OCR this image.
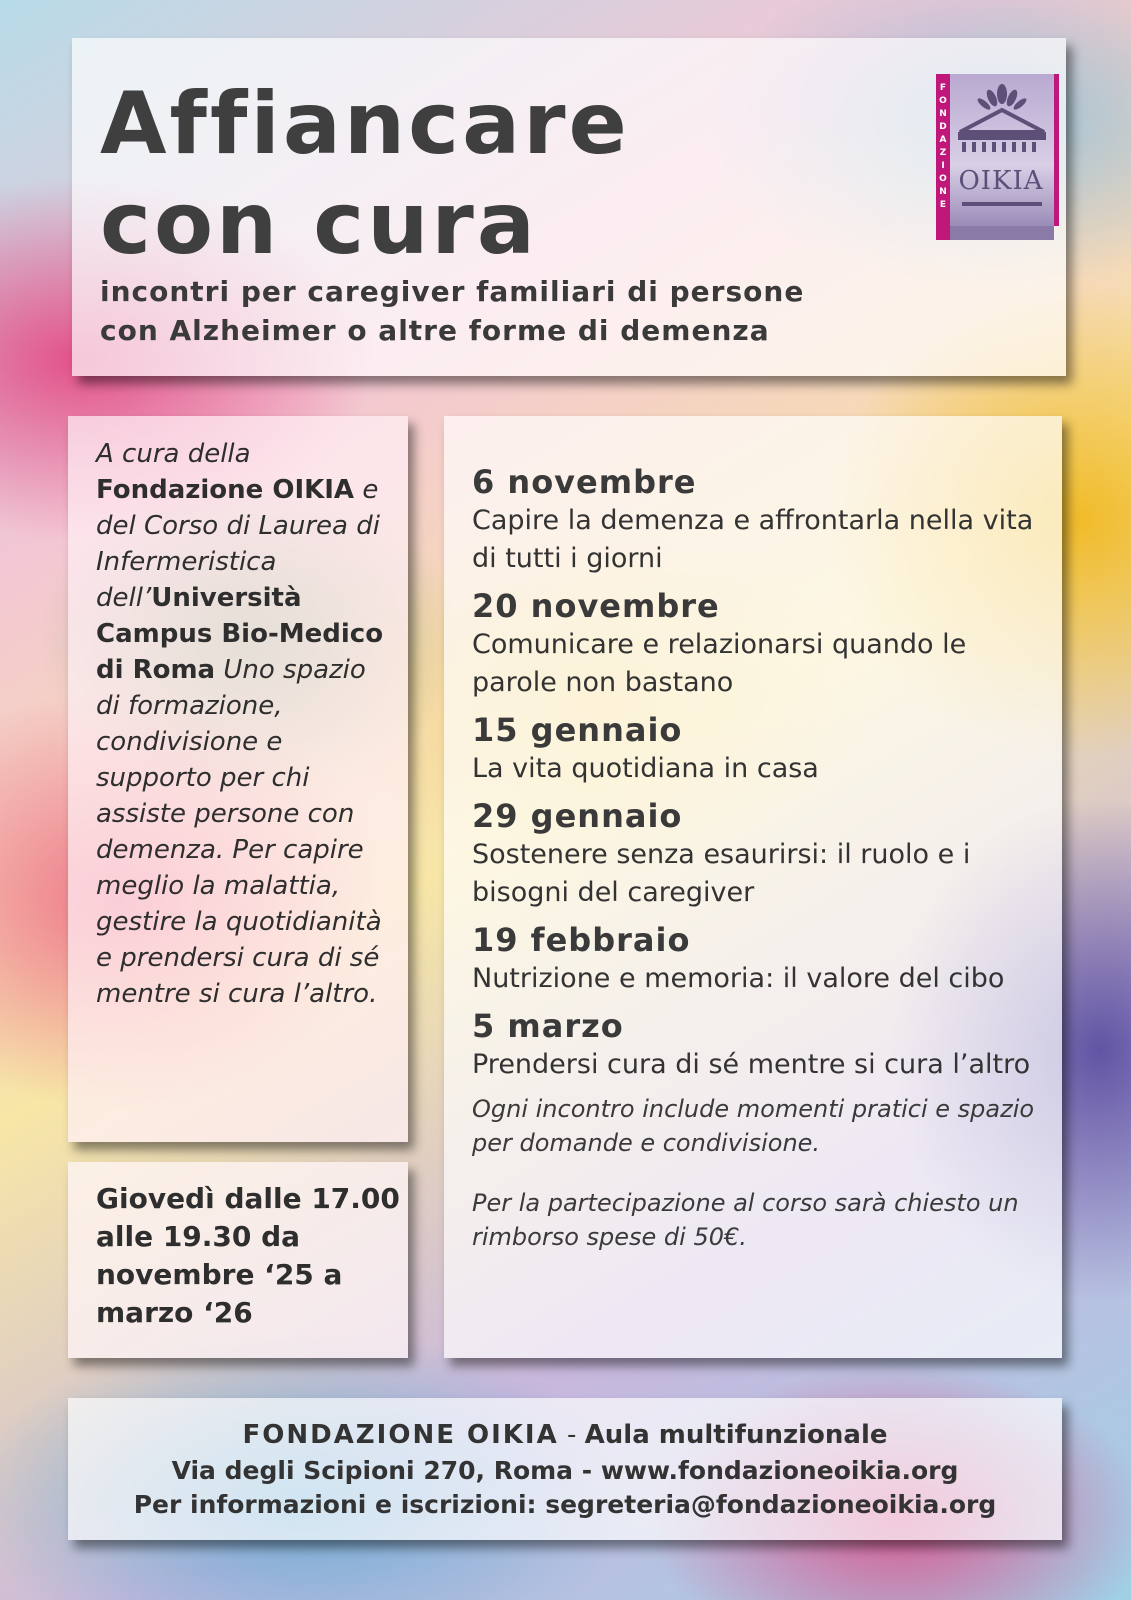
Affiancare
con cura
incontri per caregiver familiari di persone
con Alzheimer o altre forme di demenza
F
O
N
D
A
Z
I
O
N
E
OIKIA
A cura della
Fondazione OIKIA e del Corso di Laurea di Infermeristica dell’Università Campus Bio-Medico di Roma Uno spazio di formazione, condivisione e supporto per chi assiste persone con demenza. Per capire meglio la malattia, gestire la quotidianità e prendersi cura di sé mentre si cura l’altro.
Giovedì dalle 17.00 alle 19.30 da novembre ‘25 a marzo ‘26
6 novembre
Capire la demenza e affrontarla nella vita di tutti i giorni
20 novembre
Comunicare e relazionarsi quando le parole non bastano
15 gennaio
La vita quotidiana in casa
29 gennaio
Sostenere senza esaurirsi: il ruolo e i bisogni del caregiver
19 febbraio
Nutrizione e memoria: il valore del cibo
5 marzo
Prendersi cura di sé mentre si cura l’altro
Ogni incontro include momenti pratici e spazio per domande e condivisione.
Per la partecipazione al corso sarà chiesto un rimborso spese di 50€.
FONDAZIONE OIKIA - Aula multifunzionale
Via degli Scipioni 270, Roma - www.fondazioneoikia.org
Per informazioni e iscrizioni: segreteria@fondazioneoikia.org
